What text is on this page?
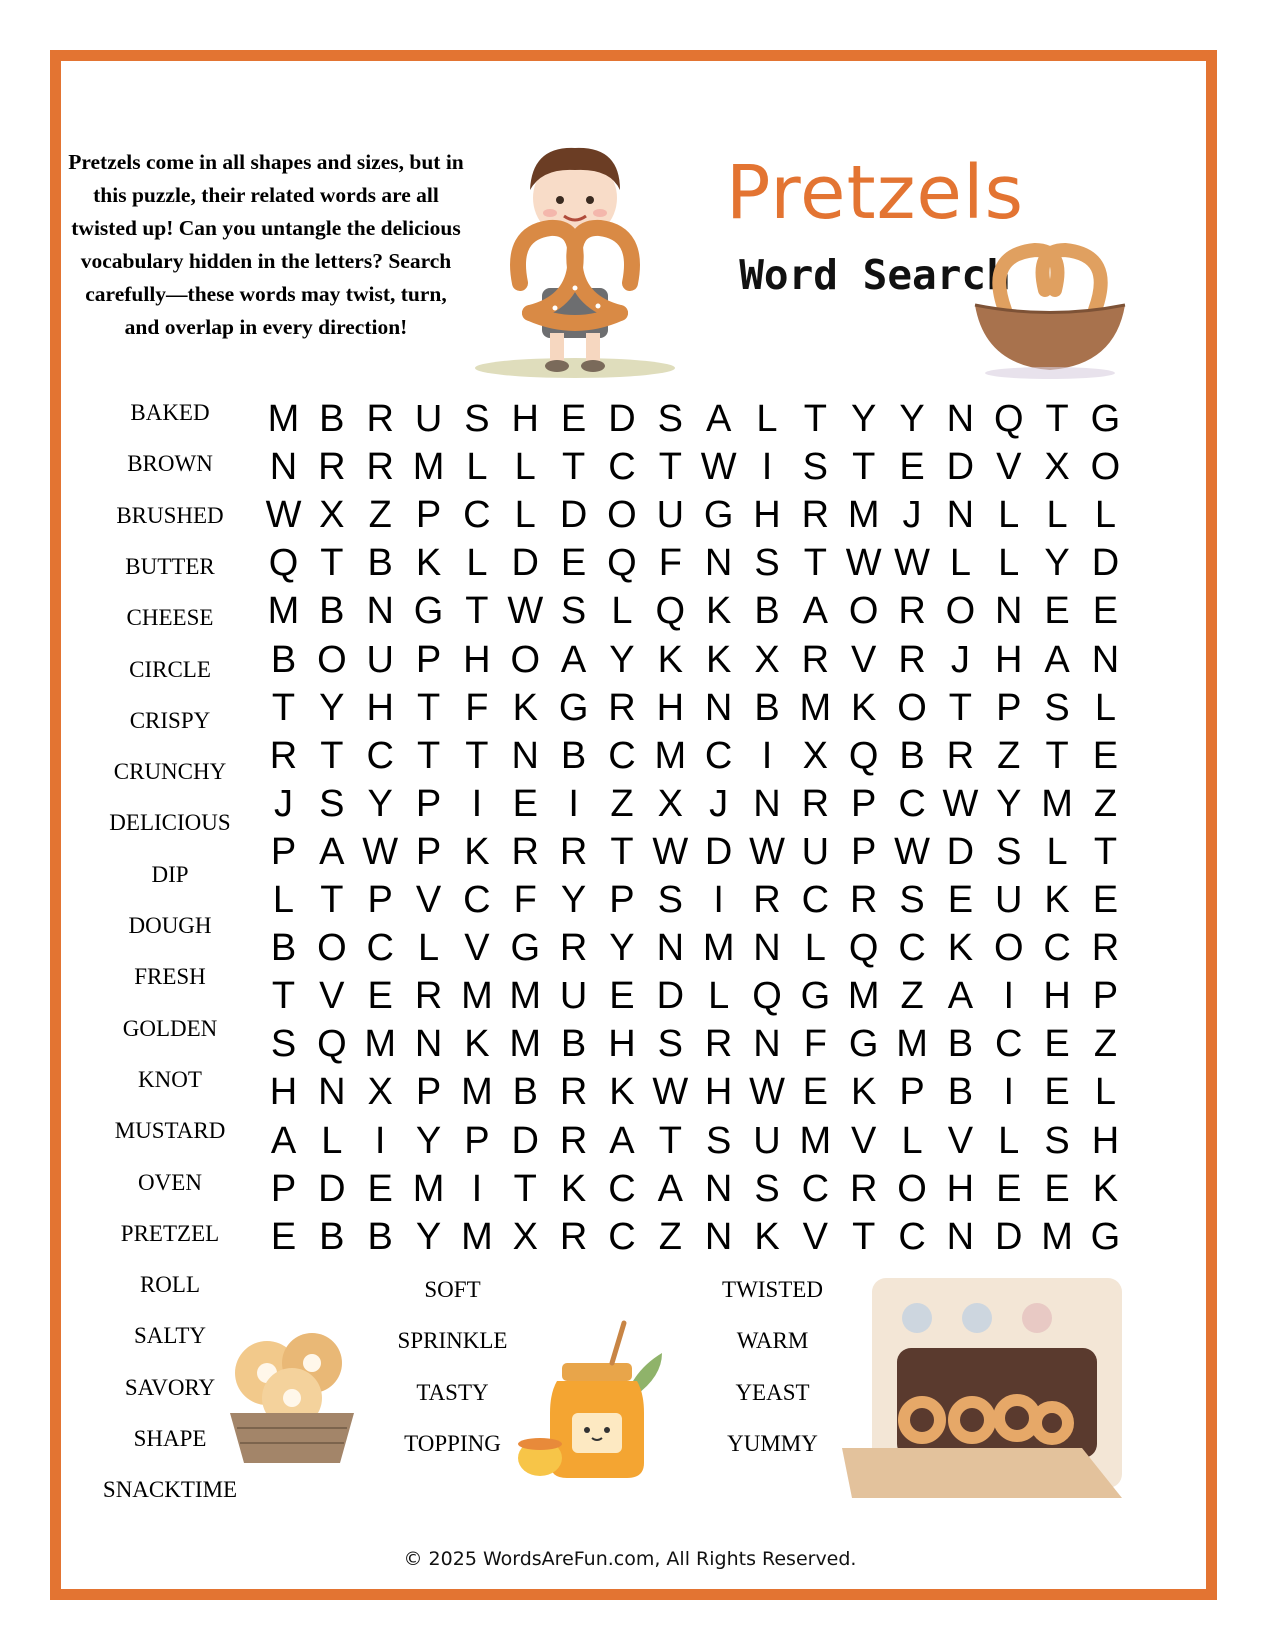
Pretzels come in all shapes and sizes, but in this puzzle, their related words are all twisted up! Can you untangle the delicious vocabulary hidden in the letters? Search carefully—these words may twist, turn, and overlap in every direction!
Pretzels
Word Search
M B R U S H E D S A L T Y Y N Q T G
N R R M L L T C T W I S T E D V X O
W X Z P C L D O U G H R M J N L L L
Q T B K L D E Q F N S T W W L L Y D
M B N G T W S L Q K B A O R O N E E
B O U P H O A Y K K X R V R J H A N
T Y H T F K G R H N B M K O T P S L
R T C T T N B C M C I X Q B R Z T E
J S Y P I E I Z X J N R P C W Y M Z
P A W P K R R T W D W U P W D S L T
L T P V C F Y P S I R C R S E U K E
B O C L V G R Y N M N L Q C K O C R
T V E R M M U E D L Q G M Z A I H P
S Q M N K M B H S R N F G M B C E Z
H N X P M B R K W H W E K P B I E L
A L I Y P D R A T S U M V L V L S H
P D E M I T K C A N S C R O H E E K
E B B Y M X R C Z N K V T C N D M G
BAKED
BROWN
BRUSHED
BUTTER
CHEESE
CIRCLE
CRISPY
CRUNCHY
DELICIOUS
DIP
DOUGH
FRESH
GOLDEN
KNOT
MUSTARD
OVEN
PRETZEL
ROLL
SALTY
SAVORY
SHAPE
SNACKTIME
SOFT
SPRINKLE
TASTY
TOPPING
TWISTED
WARM
YEAST
YUMMY
© 2025 WordsAreFun.com, All Rights Reserved.
